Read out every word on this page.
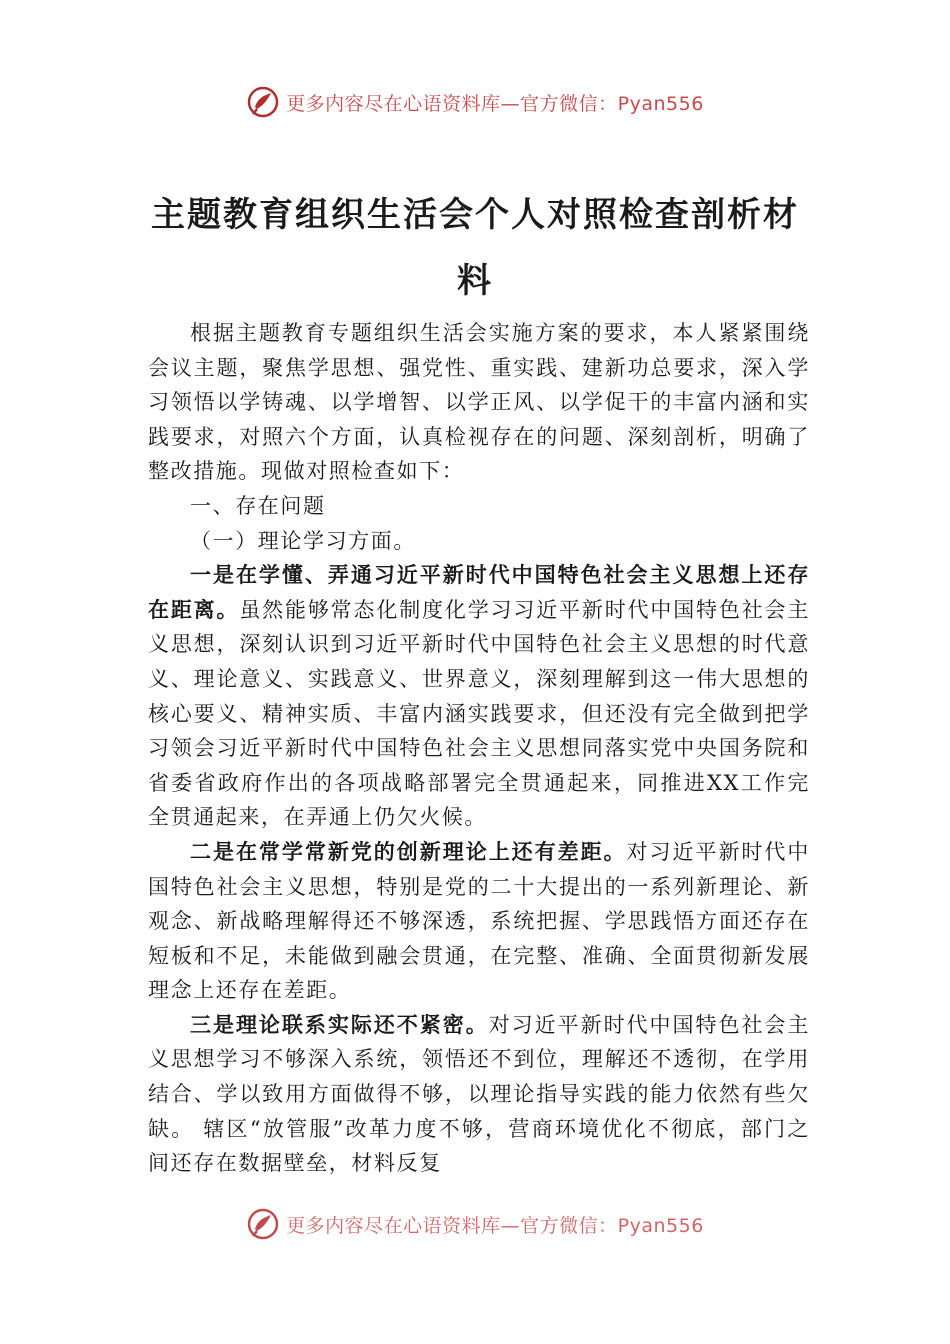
更多内容尽在心语资料库—官方微信：Pyan556
主题教育组织生活会个人对照检查剖析材料

根据主题教育专题组织生活会实施方案的要求，本人紧紧围绕会议主题，聚焦学思想、强党性、重实践、建新功总要求，深入学习领悟以学铸魂、以学增智、以学正风、以学促干的丰富内涵和实践要求，对照六个方面，认真检视存在的问题、深刻剖析，明确了整改措施。现做对照检查如下：

一、存在问题

（一）理论学习方面。

一是在学懂、弄通习近平新时代中国特色社会主义思想上还存在距离。虽然能够常态化制度化学习习近平新时代中国特色社会主义思想，深刻认识到习近平新时代中国特色社会主义思想的时代意义、理论意义、实践意义、世界意义，深刻理解到这一伟大思想的核心要义、精神实质、丰富内涵实践要求，但还没有完全做到把学习领会习近平新时代中国特色社会主义思想同落实党中央国务院和省委省政府作出的各项战略部署完全贯通起来，同推进XX工作完全贯通起来，在弄通上仍欠火候。

二是在常学常新党的创新理论上还有差距。对习近平新时代中国特色社会主义思想，特别是党的二十大提出的一系列新理论、新观念、新战略理解得还不够深透，系统把握、学思践悟方面还存在短板和不足，未能做到融会贯通，在完整、准确、全面贯彻新发展理念上还存在差距。

三是理论联系实际还不紧密。对习近平新时代中国特色社会主义思想学习不够深入系统，领悟还不到位，理解还不透彻，在学用结合、学以致用方面做得不够，以理论指导实践的能力依然有些欠缺。 辖区“放管服”改革力度不够，营商环境优化不彻底，部门之间还存在数据壁垒，材料反复

更多内容尽在心语资料库—官方微信：Pyan556
